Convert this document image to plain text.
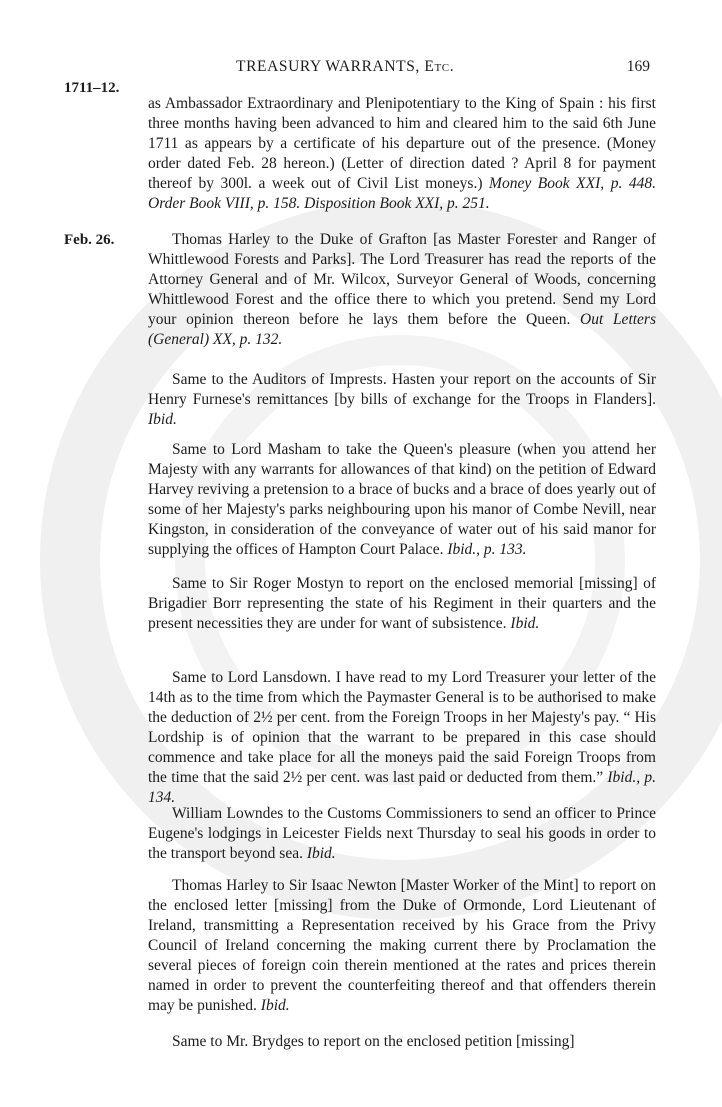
1711–12.
TREASURY WARRANTS, Etc.	169

as Ambassador Extraordinary and Plenipotentiary to the King of Spain : his first three months having been advanced to him and cleared him to the said 6th June 1711 as appears by a certificate of his departure out of the presence. (Money order dated Feb. 28 hereon.) (Letter of direction dated ? April 8 for payment thereof by 300l. a week out of Civil List moneys.) Money Book XXI, p. 448. Order Book VIII, p. 158. Disposition Book XXI, p. 251.

Feb. 26.	Thomas Harley to the Duke of Grafton [as Master Forester and Ranger of Whittlewood Forests and Parks]. The Lord Treasurer has read the reports of the Attorney General and of Mr. Wilcox, Surveyor General of Woods, concerning Whittlewood Forest and the office there to which you pretend. Send my Lord your opinion thereon before he lays them before the Queen. Out Letters (General) XX, p. 132.

Same to the Auditors of Imprests. Hasten your report on the accounts of Sir Henry Furnese's remittances [by bills of exchange for the Troops in Flanders]. Ibid.

Same to Lord Masham to take the Queen's pleasure (when you attend her Majesty with any warrants for allowances of that kind) on the petition of Edward Harvey reviving a pretension to a brace of bucks and a brace of does yearly out of some of her Majesty's parks neighbouring upon his manor of Combe Nevill, near Kingston, in consideration of the conveyance of water out of his said manor for supplying the offices of Hampton Court Palace. Ibid., p. 133.

Same to Sir Roger Mostyn to report on the enclosed memorial [missing] of Brigadier Borr representing the state of his Regiment in their quarters and the present necessities they are under for want of subsistence. Ibid.

Same to Lord Lansdown. I have read to my Lord Treasurer your letter of the 14th as to the time from which the Paymaster General is to be authorised to make the deduction of 2½ per cent. from the Foreign Troops in her Majesty's pay. “ His Lordship is of opinion that the warrant to be prepared in this case should commence and take place for all the moneys paid the said Foreign Troops from the time that the said 2½ per cent. was last paid or deducted from them.” Ibid., p. 134.

William Lowndes to the Customs Commissioners to send an officer to Prince Eugene's lodgings in Leicester Fields next Thursday to seal his goods in order to the transport beyond sea. Ibid.

Thomas Harley to Sir Isaac Newton [Master Worker of the Mint] to report on the enclosed letter [missing] from the Duke of Ormonde, Lord Lieutenant of Ireland, transmitting a Representation received by his Grace from the Privy Council of Ireland concerning the making current there by Proclamation the several pieces of foreign coin therein mentioned at the rates and prices therein named in order to prevent the counterfeiting thereof and that offenders therein may be punished. Ibid.

Same to Mr. Brydges to report on the enclosed petition [missing]
